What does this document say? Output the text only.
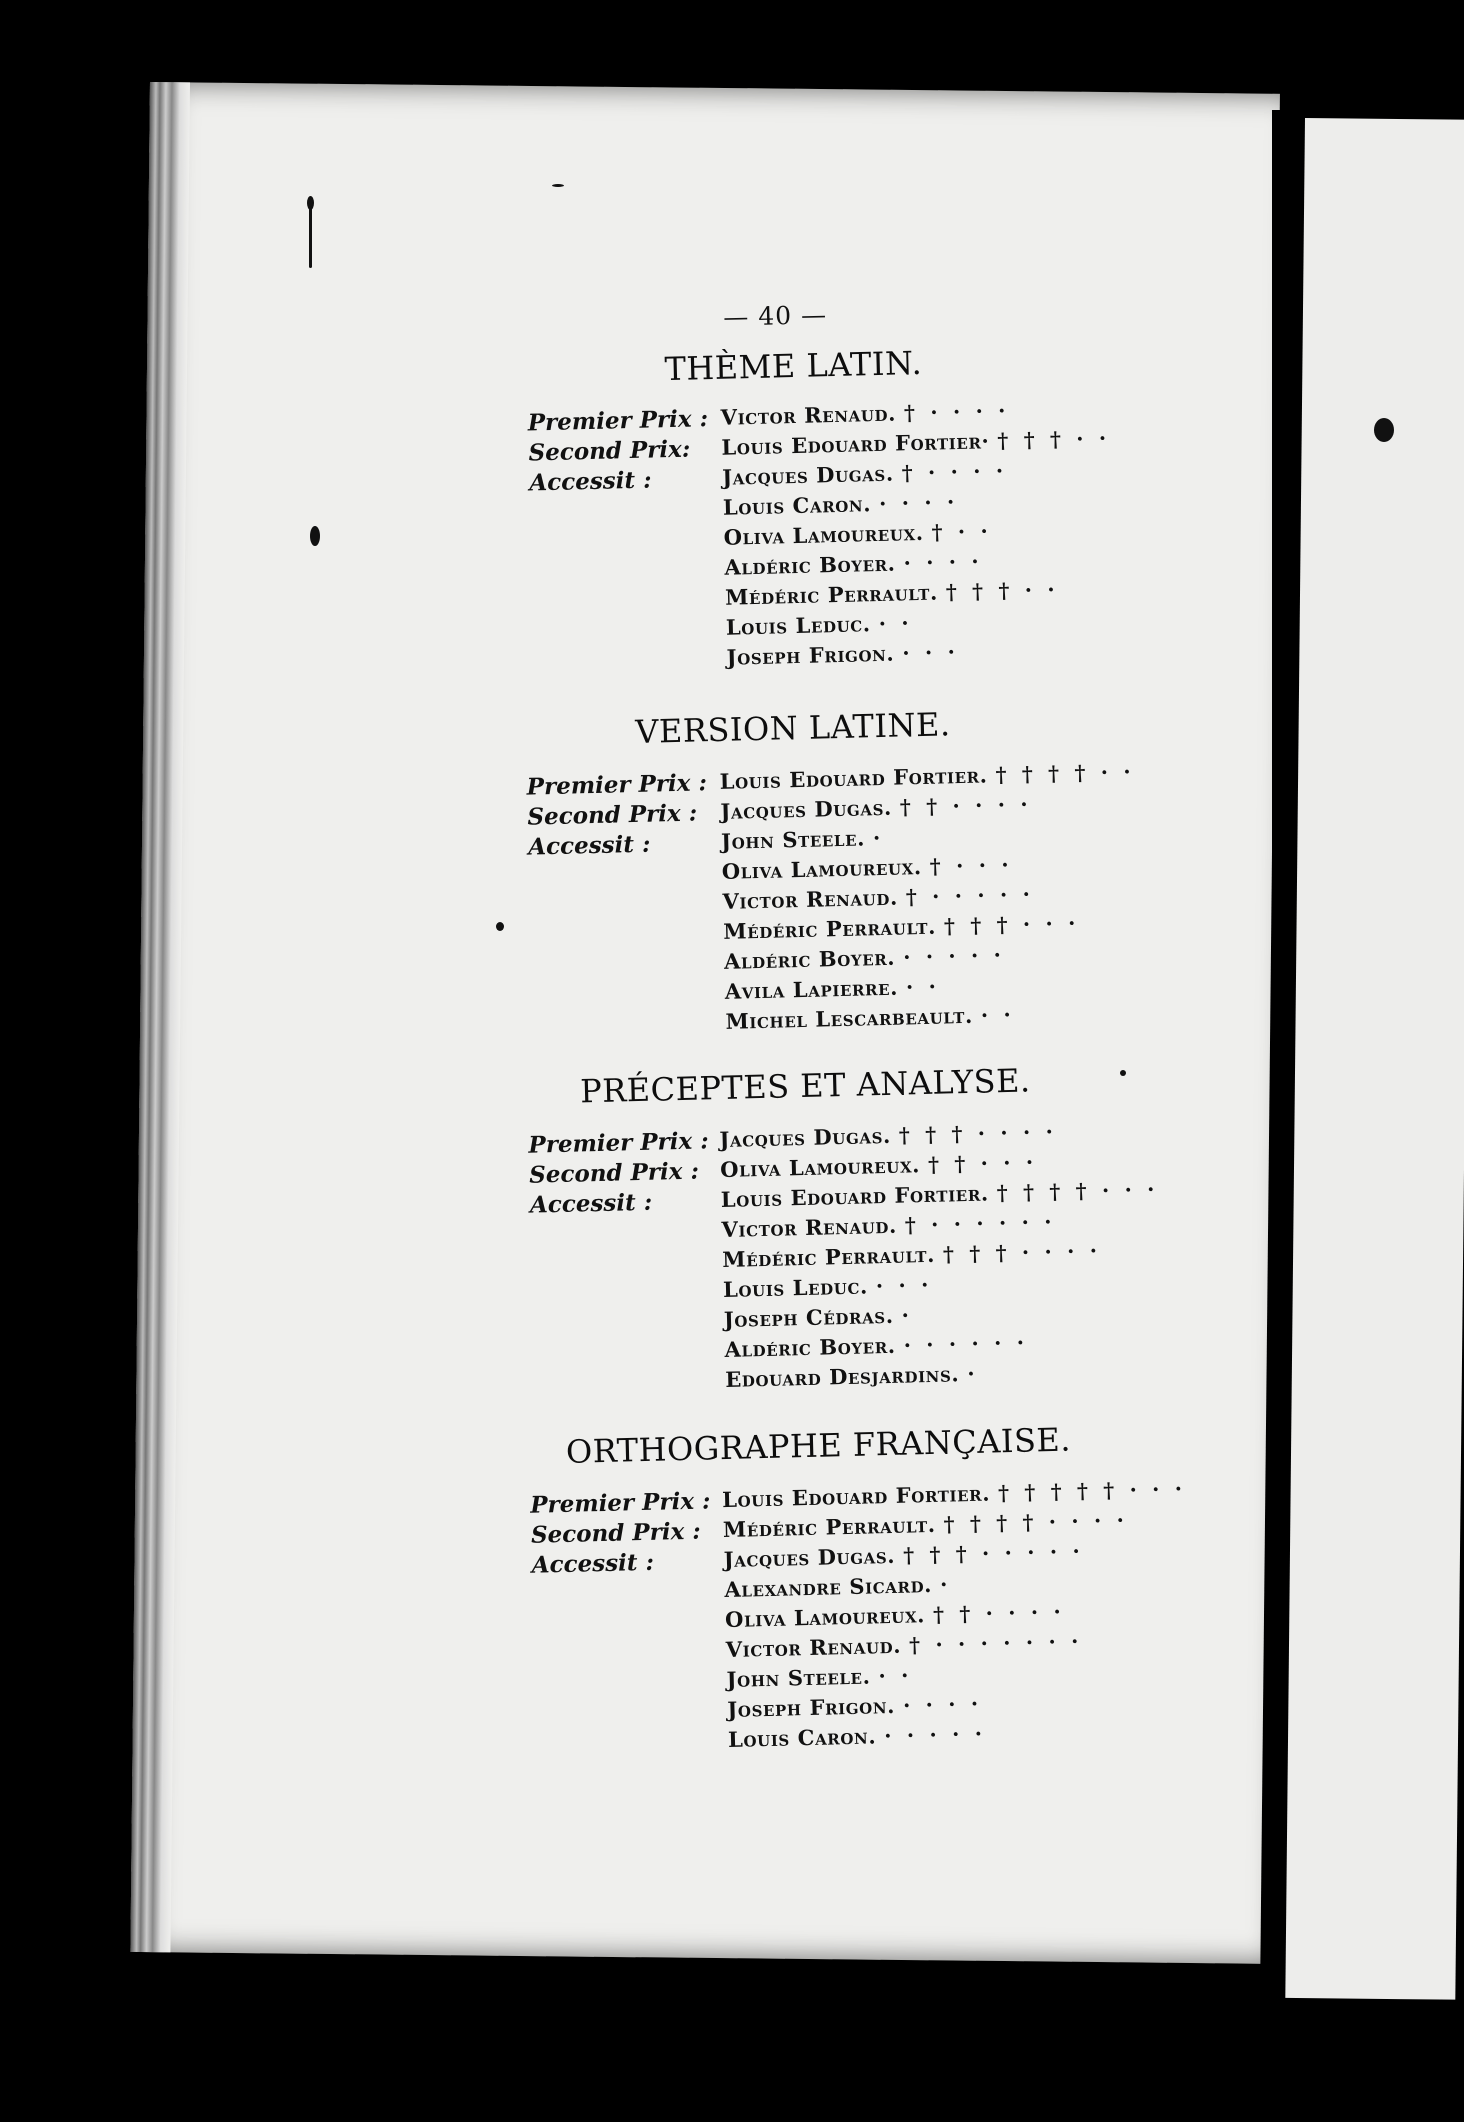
— 40 —
THÈME LATIN.
Premier Prix :
Second Prix:
Accessit :
Victor Renaud. † · · · ·
Louis Edouard Fortier· † † † · ·
Jacques Dugas. † · · · ·
Louis Caron. · · · ·
Oliva Lamoureux. † · ·
Aldéric Boyer. · · · ·
Médéric Perrault. † † † · ·
Louis Leduc. · ·
Joseph Frigon. · · ·
VERSION LATINE.
Premier Prix :
Second Prix :
Accessit :
Louis Edouard Fortier. † † † † · ·
Jacques Dugas. † † · · · ·
John Steele. ·
Oliva Lamoureux. † · · ·
Victor Renaud. † · · · · ·
Médéric Perrault. † † † · · ·
Aldéric Boyer. · · · · ·
Avila Lapierre. · ·
Michel Lescarbeault. · ·
PRÉCEPTES ET ANALYSE.
Premier Prix :
Second Prix :
Accessit :
Jacques Dugas. † † † · · · ·
Oliva Lamoureux. † † · · ·
Louis Edouard Fortier. † † † † · · ·
Victor Renaud. † · · · · · ·
Médéric Perrault. † † † · · · ·
Louis Leduc. · · ·
Joseph Cédras. ·
Aldéric Boyer. · · · · · ·
Edouard Desjardins. ·
ORTHOGRAPHE FRANÇAISE.
Premier Prix :
Second Prix :
Accessit :
Louis Edouard Fortier. † † † † † · · ·
Médéric Perrault. † † † † · · · ·
Jacques Dugas. † † † · · · · ·
Alexandre Sicard. ·
Oliva Lamoureux. † † · · · ·
Victor Renaud. † · · · · · · ·
John Steele. · ·
Joseph Frigon. · · · ·
Louis Caron. · · · · ·
